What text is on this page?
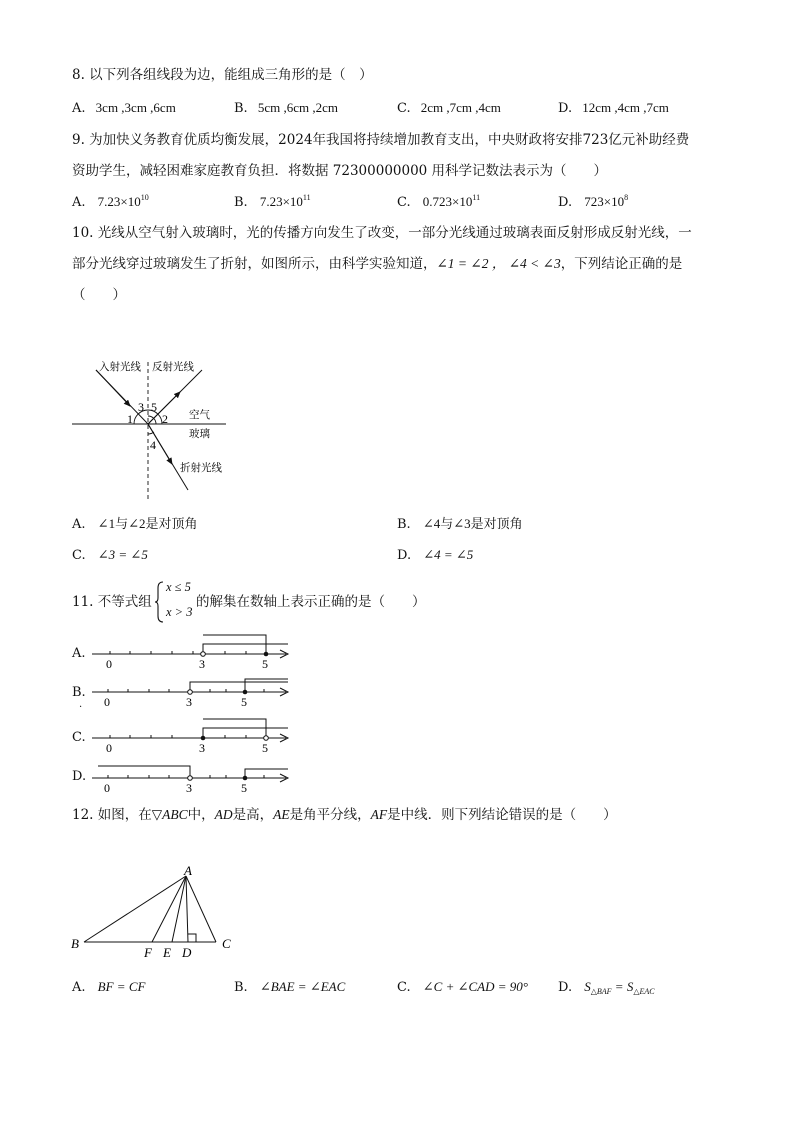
8. 以下列各组线段为边，能组成三角形的是（　）
A. 3cm ,3cm ,6cm	B. 5cm ,6cm ,2cm	C. 2cm ,7cm ,4cm	D. 12cm ,4cm ,7cm
9. 为加快义务教育优质均衡发展，2024年我国将持续增加教育支出，中央财政将安排723亿元补助经费
资助学生，减轻困难家庭教育负担．将数据 72300000000 用科学记数法表示为（　　）
A. $7.23\times 10^{10}$	B. $7.23\times 10^{11}$	C. $0.723\times 10^{11}$	D. $723\times 10^8$
10. 光线从空气射入玻璃时，光的传播方向发生了改变，一部分光线通过玻璃表面反射形成反射光线，一
部分光线穿过玻璃发生了折射，如图所示，由科学实验知道，∠1 = ∠2 ， ∠4 < ∠3，下列结论正确的是
（　　）
入射光线 反射光线
空气
玻璃
折射光线
1 2
3 5
4
A. ∠1与∠2是对顶角	B. ∠4与∠3是对顶角
C. ∠3 = ∠5	D. ∠4 = ∠5
11. 不等式组
x ≤ 5
x > 3
的解集在数轴上表示正确的是（　　）
A.
0	3	5
B.
. 0	3	5
C.
0	3	5
D.
0	3	5
12. 如图，在▽ABC中，AD是高，AE是角平分线，AF是中线．则下列结论错误的是（　　）
A
B	C
F E D
A. BF = CF	B. ∠BAE = ∠EAC	C. ∠C + ∠CAD = 90° D. $S_{\triangle BAF} = S_{\triangle EAC}$
